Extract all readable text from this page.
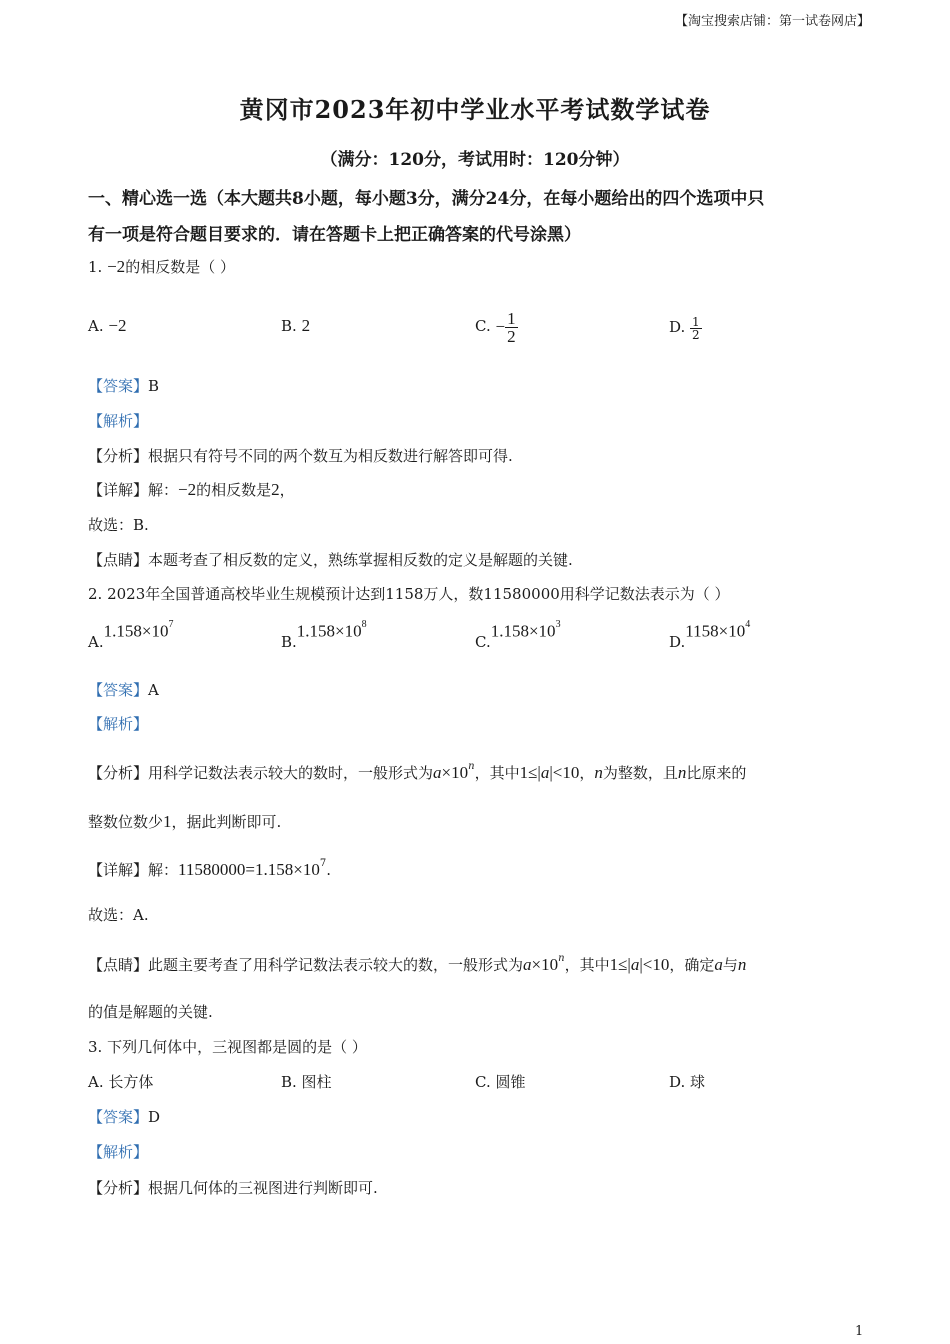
【淘宝搜索店铺：第一试卷网店】
黄冈市2023年初中学业水平考试数学试卷
（满分：120分，考试用时：120分钟）
一、精心选一选（本大题共8小题，每小题3分，满分24分，在每小题给出的四个选项中只
有一项是符合题目要求的．请在答题卡上把正确答案的代号涂黑）
1. −2的相反数是（ ）
A. −2	B. 2	C. − $\frac{1}{2}$	D. $\frac{1}{2}$
【答案】B
【解析】
【分析】根据只有符号不同的两个数互为相反数进行解答即可得.
【详解】解：−2的相反数是2，
故选：B.
【点睛】本题考查了相反数的定义，熟练掌握相反数的定义是解题的关键.
2. 2023年全国普通高校毕业生规模预计达到1158万人，数11580000用科学记数法表示为（ ）
$A.1.158\times 10^7$
$B.1.158\times 10^8$
$C.1.158\times 10^3$
$D.1158\times 10^4$
【答案】A
【解析】
【分析】用科学记数法表示较大的数时，一般形式为$a\times 10^n$，其中1≤|a|<10，n为整数，且n比原来的
整数位数少1，据此判断即可.
【详解】解：$11580000=1.158\times 10^7$.
故选：A.
【点睛】此题主要考查了用科学记数法表示较大的数，一般形式为$a\times 10^n$，其中1≤|a|<10，确定a与n
的值是解题的关键.
3. 下列几何体中，三视图都是圆的是（ ）
A. 长方体	B. 图柱	C. 圆锥	D. 球
【答案】D
【解析】
【分析】根据几何体的三视图进行判断即可.
1
